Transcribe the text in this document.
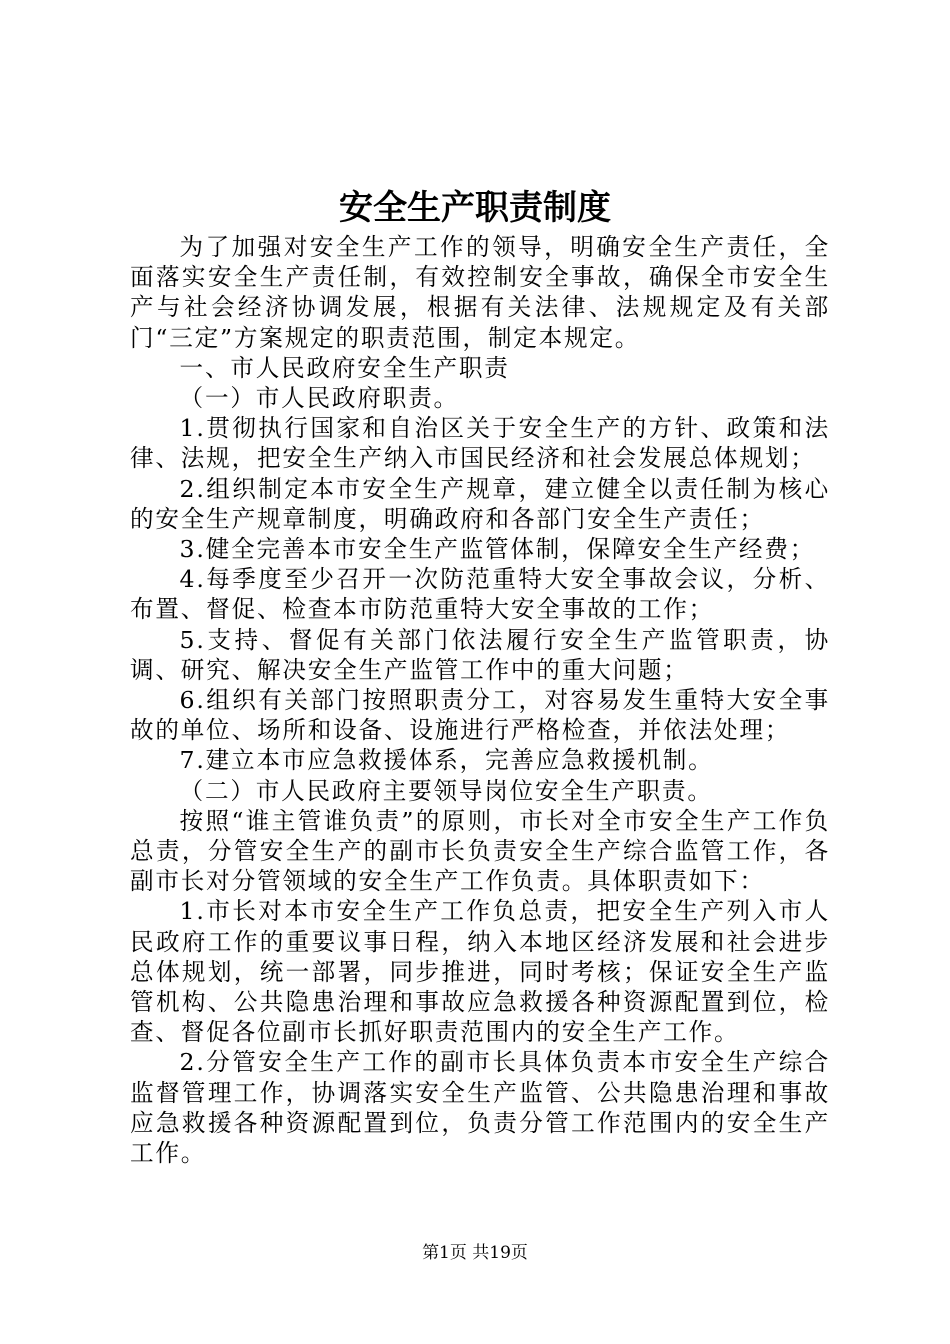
安全生产职责制度

为了加强对安全生产工作的领导，明确安全生产责任，全面落实安全生产责任制，有效控制安全事故，确保全市安全生产与社会经济协调发展，根据有关法律、法规规定及有关部门“三定”方案规定的职责范围，制定本规定。

一、市人民政府安全生产职责

（一）市人民政府职责。

1.贯彻执行国家和自治区关于安全生产的方针、政策和法律、法规，把安全生产纳入市国民经济和社会发展总体规划；

2.组织制定本市安全生产规章，建立健全以责任制为核心的安全生产规章制度，明确政府和各部门安全生产责任；

3.健全完善本市安全生产监管体制，保障安全生产经费；

4.每季度至少召开一次防范重特大安全事故会议，分析、布置、督促、检查本市防范重特大安全事故的工作；

5.支持、督促有关部门依法履行安全生产监管职责，协调、研究、解决安全生产监管工作中的重大问题；

6.组织有关部门按照职责分工，对容易发生重特大安全事故的单位、场所和设备、设施进行严格检查，并依法处理；

7.建立本市应急救援体系，完善应急救援机制。

（二）市人民政府主要领导岗位安全生产职责。

按照“谁主管谁负责”的原则，市长对全市安全生产工作负总责，分管安全生产的副市长负责安全生产综合监管工作，各副市长对分管领域的安全生产工作负责。具体职责如下：

1.市长对本市安全生产工作负总责，把安全生产列入市人民政府工作的重要议事日程，纳入本地区经济发展和社会进步总体规划，统一部署，同步推进，同时考核；保证安全生产监管机构、公共隐患治理和事故应急救援各种资源配置到位，检查、督促各位副市长抓好职责范围内的安全生产工作。

2.分管安全生产工作的副市长具体负责本市安全生产综合监督管理工作，协调落实安全生产监管、公共隐患治理和事故应急救援各种资源配置到位，负责分管工作范围内的安全生产工作。

第1页 共19页
